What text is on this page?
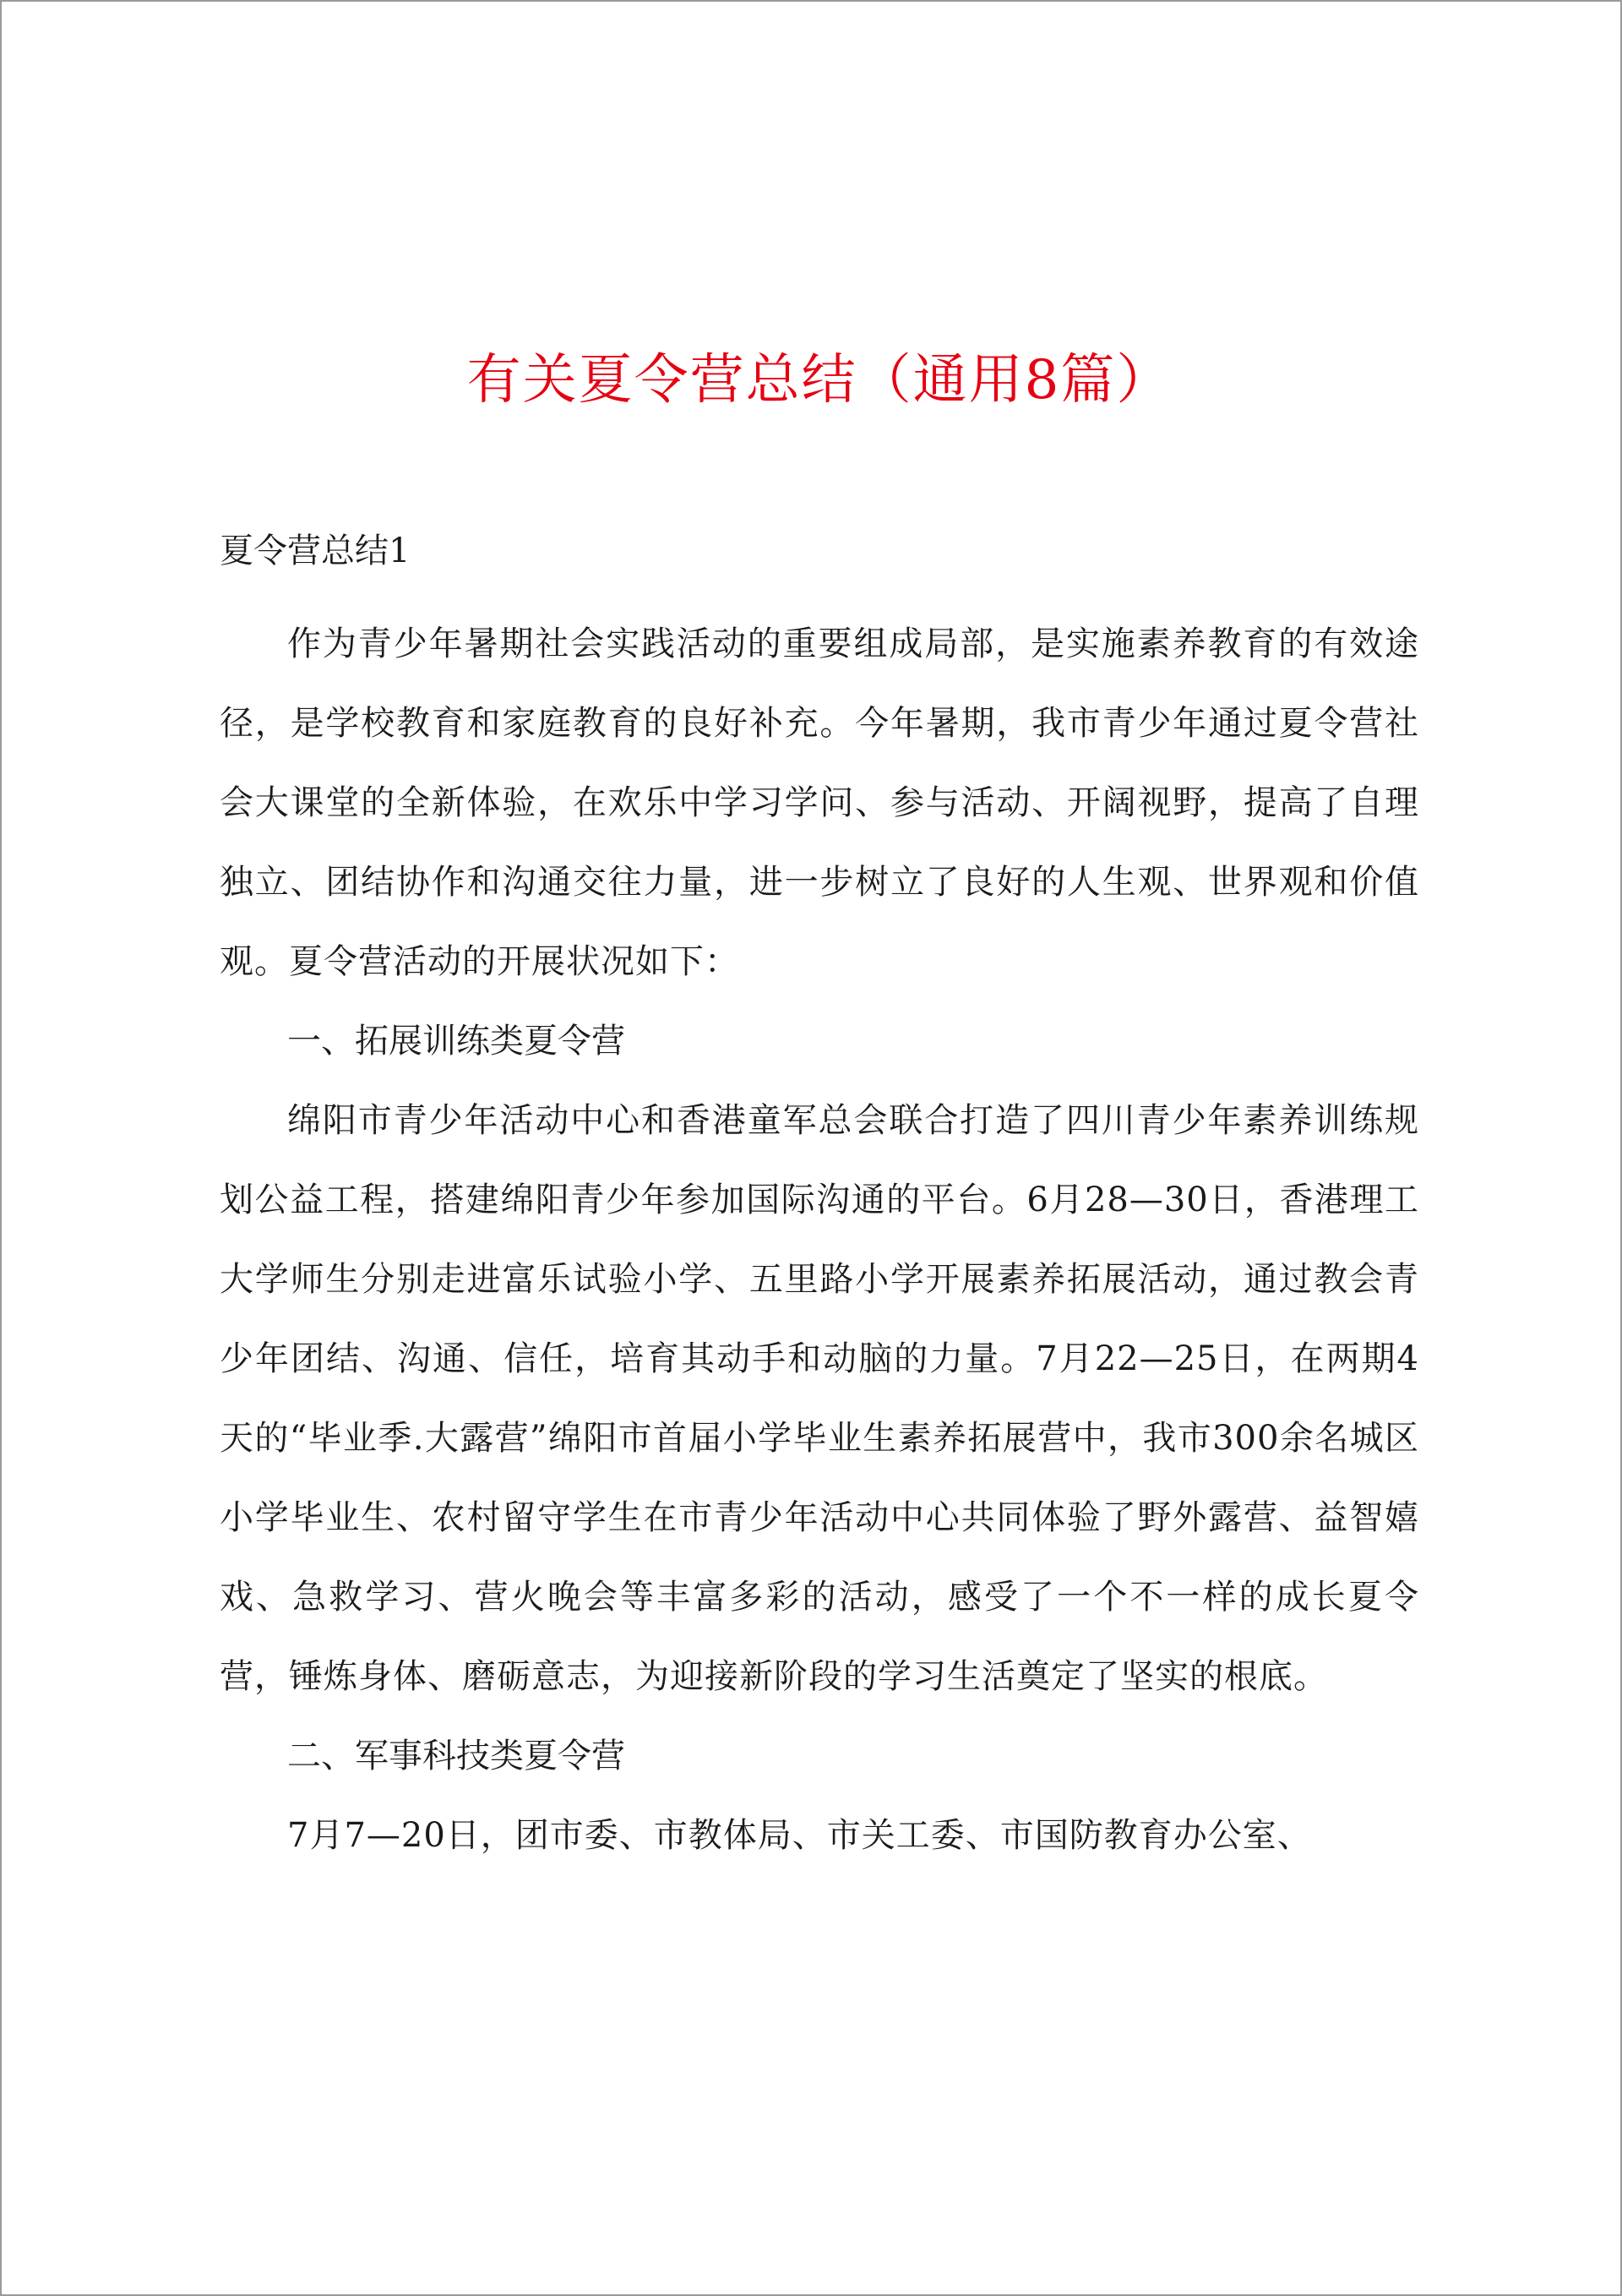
有关夏令营总结（通用8篇）
夏令营总结1

作为青少年暑期社会实践活动的重要组成局部，是实施素养教育的有效途径，是学校教育和家庭教育的良好补充。今年暑期，我市青少年通过夏令营社会大课堂的全新体验，在欢乐中学习学问、参与活动、开阔视野，提高了自理独立、团结协作和沟通交往力量，进一步树立了良好的人生观、世界观和价值观。夏令营活动的开展状况如下：

一、拓展训练类夏令营

绵阳市青少年活动中心和香港童军总会联合打造了四川青少年素养训练规划公益工程，搭建绵阳青少年参加国际沟通的平台。6月28—30日，香港理工大学师生分别走进富乐试验小学、五里路小学开展素养拓展活动，通过教会青少年团结、沟通、信任，培育其动手和动脑的力量。7月22—25日，在两期4天的“毕业季.大露营”绵阳市首届小学毕业生素养拓展营中，我市300余名城区小学毕业生、农村留守学生在市青少年活动中心共同体验了野外露营、益智嬉戏、急救学习、营火晚会等丰富多彩的活动，感受了一个不一样的成长夏令营，锤炼身体、磨砺意志，为迎接新阶段的学习生活奠定了坚实的根底。

二、军事科技类夏令营

7月7—20日，团市委、市教体局、市关工委、市国防教育办公室、
